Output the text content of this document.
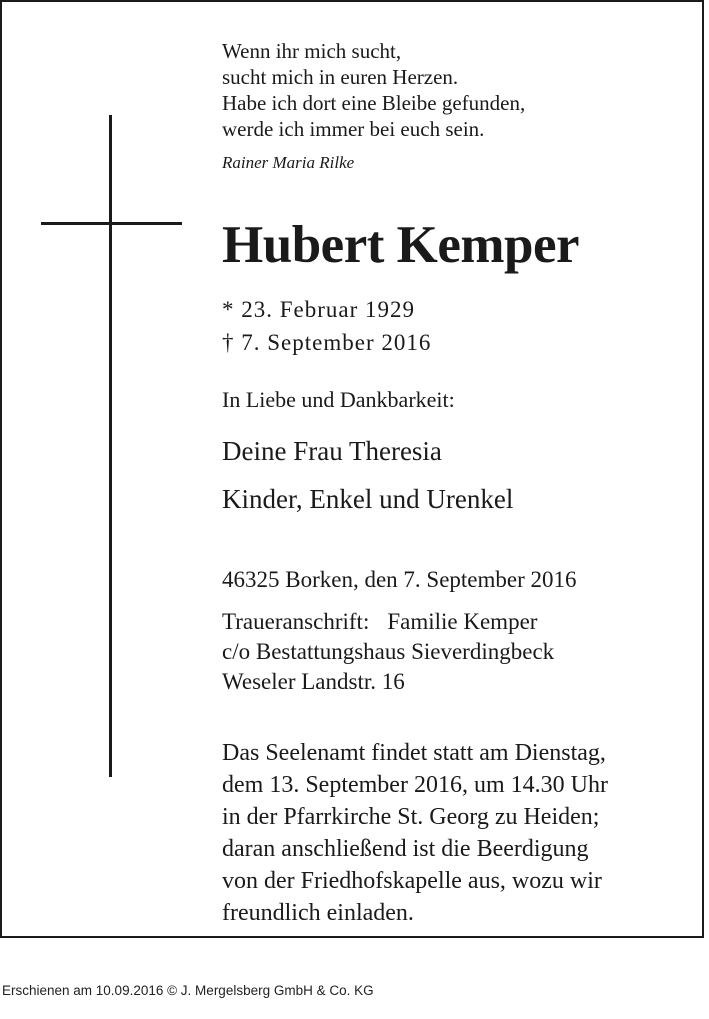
Wenn ihr mich sucht,
sucht mich in euren Herzen.
Habe ich dort eine Bleibe gefunden,
werde ich immer bei euch sein.
Rainer Maria Rilke
Hubert Kemper
* 23. Februar 1929
† 7. September 2016
In Liebe und Dankbarkeit:
Deine Frau Theresia
Kinder, Enkel und Urenkel
46325 Borken, den 7. September 2016
Traueranschrift: Familie Kemper
c/o Bestattungshaus Sieverdingbeck
Weseler Landstr. 16
Das Seelenamt findet statt am Dienstag,
dem 13. September 2016, um 14.30 Uhr
in der Pfarrkirche St. Georg zu Heiden;
daran anschließend ist die Beerdigung
von der Friedhofskapelle aus, wozu wir
freundlich einladen.
Erschienen am 10.09.2016 © J. Mergelsberg GmbH & Co. KG
